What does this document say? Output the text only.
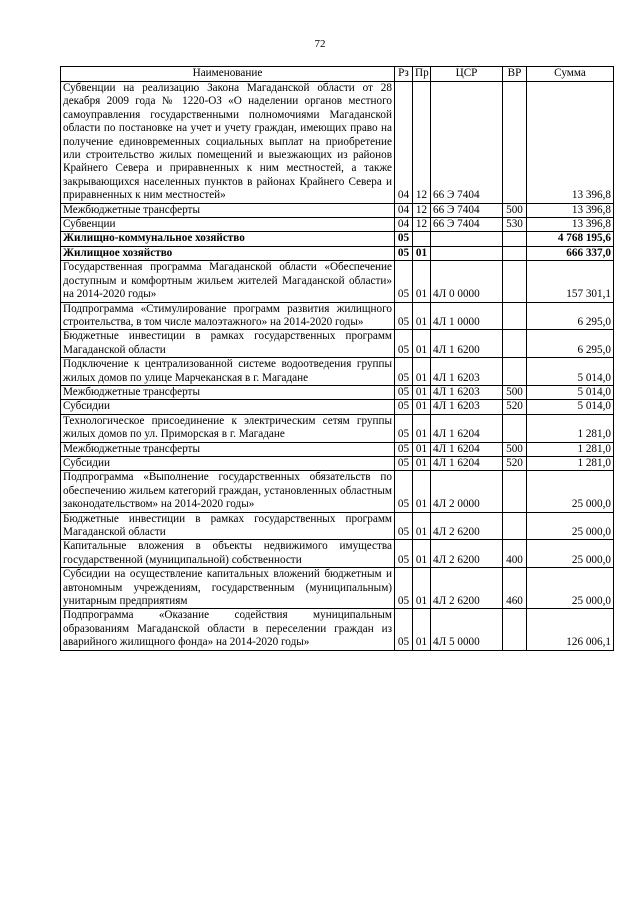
72
Наименование	Рз	Пр	ЦСР	ВР	Сумма
Субвенции на реализацию Закона Магаданской области от 28 декабря 2009 года № 1220-ОЗ «О наделении органов местного самоуправления государственными полномочиями Магаданской области по постановке на учет и учету граждан, имеющих право на получение единовременных социальных выплат на приобретение или строительство жилых помещений и выезжающих из районов Крайнего Севера и приравненных к ним местностей, а также закрывающихся населенных пунктов в районах Крайнего Севера и приравненных к ним местностей»	04	12	66 Э 7404		13 396,8
Межбюджетные трансферты	04	12	66 Э 7404	500	13 396,8
Субвенции	04	12	66 Э 7404	530	13 396,8
Жилищно-коммунальное хозяйство	05				4 768 195,6
Жилищное хозяйство	05	01			666 337,0
Государственная программа Магаданской области «Обеспечение доступным и комфортным жильем жителей Магаданской области» на 2014-2020 годы»	05	01	4Л 0 0000		157 301,1
Подпрограмма «Стимулирование программ развития жилищного строительства, в том числе малоэтажного» на 2014-2020 годы»	05	01	4Л 1 0000		6 295,0
Бюджетные инвестиции в рамках государственных программ Магаданской области	05	01	4Л 1 6200		6 295,0
Подключение к централизованной системе водоотведения группы жилых домов по улице Марчеканская в г. Магадане	05	01	4Л 1 6203		5 014,0
Межбюджетные трансферты	05	01	4Л 1 6203	500	5 014,0
Субсидии	05	01	4Л 1 6203	520	5 014,0
Технологическое присоединение к электрическим сетям группы жилых домов по ул. Приморская в г. Магадане	05	01	4Л 1 6204		1 281,0
Межбюджетные трансферты	05	01	4Л 1 6204	500	1 281,0
Субсидии	05	01	4Л 1 6204	520	1 281,0
Подпрограмма «Выполнение государственных обязательств по обеспечению жильем категорий граждан, установленных областным законодательством» на 2014-2020 годы»	05	01	4Л 2 0000		25 000,0
Бюджетные инвестиции в рамках государственных программ Магаданской области	05	01	4Л 2 6200		25 000,0
Капитальные вложения в объекты недвижимого имущества государственной (муниципальной) собственности	05	01	4Л 2 6200	400	25 000,0
Субсидии на осуществление капитальных вложений бюджетным и автономным учреждениям, государственным (муниципальным) унитарным предприятиям	05	01	4Л 2 6200	460	25 000,0
Подпрограмма «Оказание содействия муниципальным образованиям Магаданской области в переселении граждан из аварийного жилищного фонда» на 2014-2020 годы»	05	01	4Л 5 0000		126 006,1
